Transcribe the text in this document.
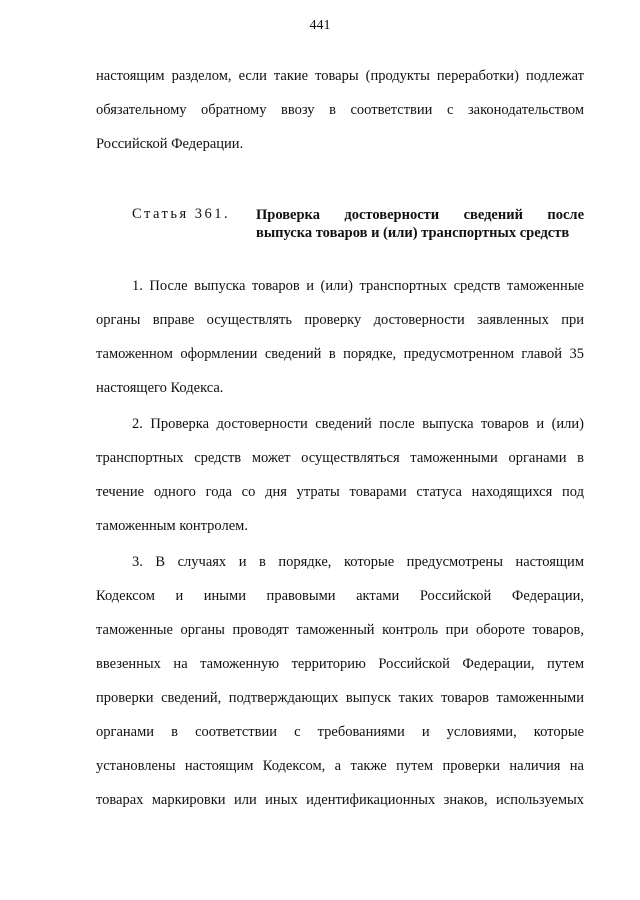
441
настоящим разделом, если такие товары (продукты переработки) подлежат
обязательному обратному ввозу в соответствии с законодательством
Российской Федерации.
Статья 361. Проверка достоверности сведений после
выпуска товаров и (или) транспортных средств
1. После выпуска товаров и (или) транспортных средств таможенные
органы вправе осуществлять проверку достоверности заявленных при
таможенном оформлении сведений в порядке, предусмотренном главой 35
настоящего Кодекса.
2. Проверка достоверности сведений после выпуска товаров и (или)
транспортных средств может осуществляться таможенными органами в
течение одного года со дня утраты товарами статуса находящихся под
таможенным контролем.
3. В случаях и в порядке, которые предусмотрены настоящим
Кодексом и иными правовыми актами Российской Федерации,
таможенные органы проводят таможенный контроль при обороте товаров,
ввезенных на таможенную территорию Российской Федерации, путем
проверки сведений, подтверждающих выпуск таких товаров таможенными
органами в соответствии с требованиями и условиями, которые
установлены настоящим Кодексом, а также путем проверки наличия на
товарах маркировки или иных идентификационных знаков, используемых
